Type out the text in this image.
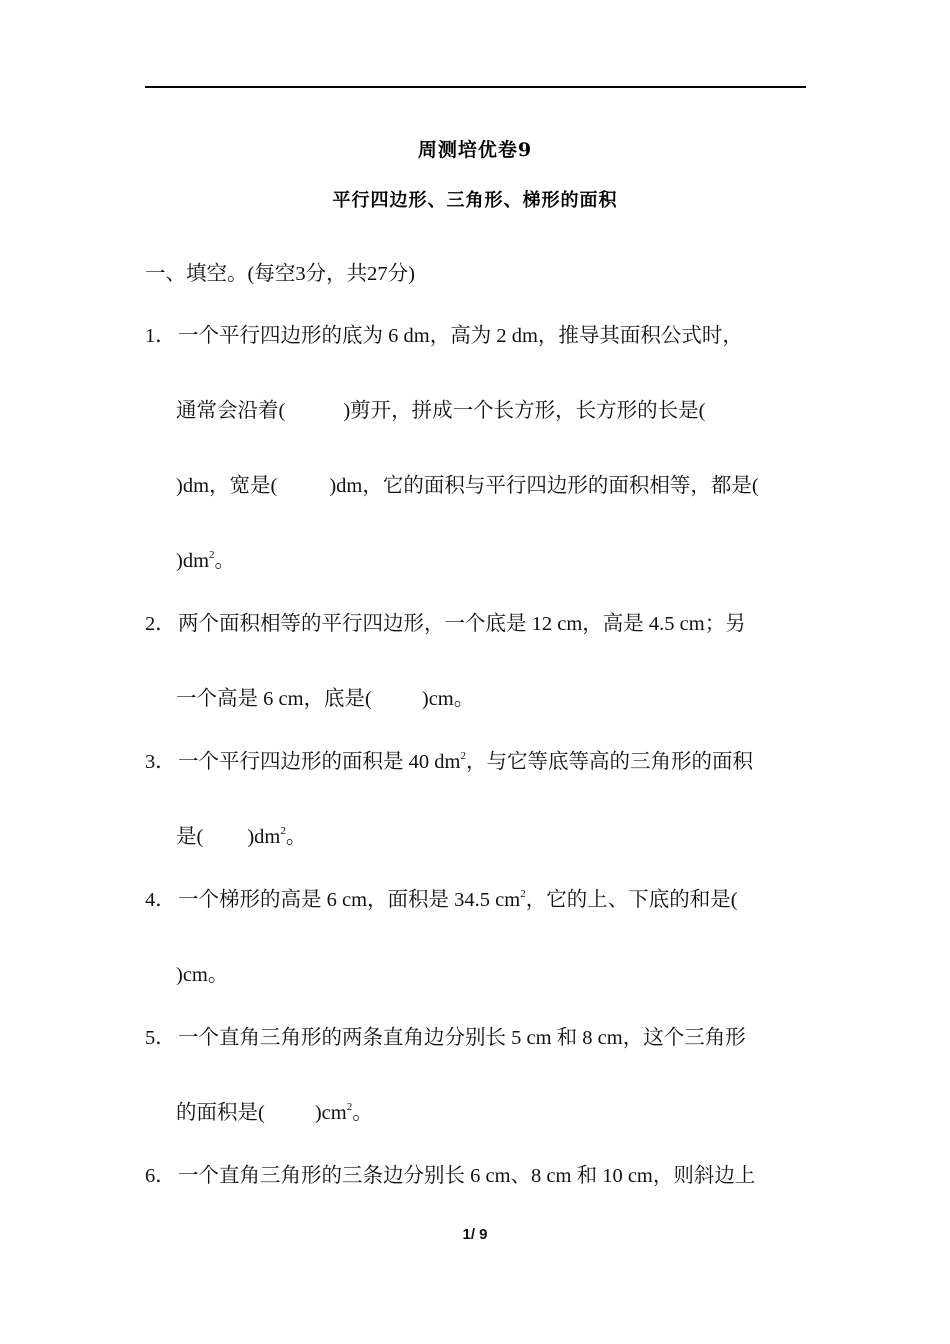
周测培优卷9
平行四边形、三角形、梯形的面积
一、填空。(每空3分，共27分)
1． 一个平行四边形的底为 6 dm，高为 2 dm，推导其面积公式时，
通常会沿着(	)剪开，拼成一个长方形，长方形的长是(
)dm，宽是(	)dm，它的面积与平行四边形的面积相等，都是(
)$dm^2$。
2． 两个面积相等的平行四边形，一个底是 12 cm，高是 4.5 cm；另
一个高是 6 cm，底是( )cm。
3． 一个平行四边形的面积是 40 $dm^2$，与它等底等高的三角形的面积
是( )$dm^2$。
4． 一个梯形的高是 6 cm，面积是 34.5 $cm^2$，它的上、下底的和是(
)cm。
5． 一个直角三角形的两条直角边分别长 5 cm 和 8 cm，这个三角形
的面积是( )$cm^2$。
6． 一个直角三角形的三条边分别长 6 cm、8 cm 和 10 cm，则斜边上
1/ 9
